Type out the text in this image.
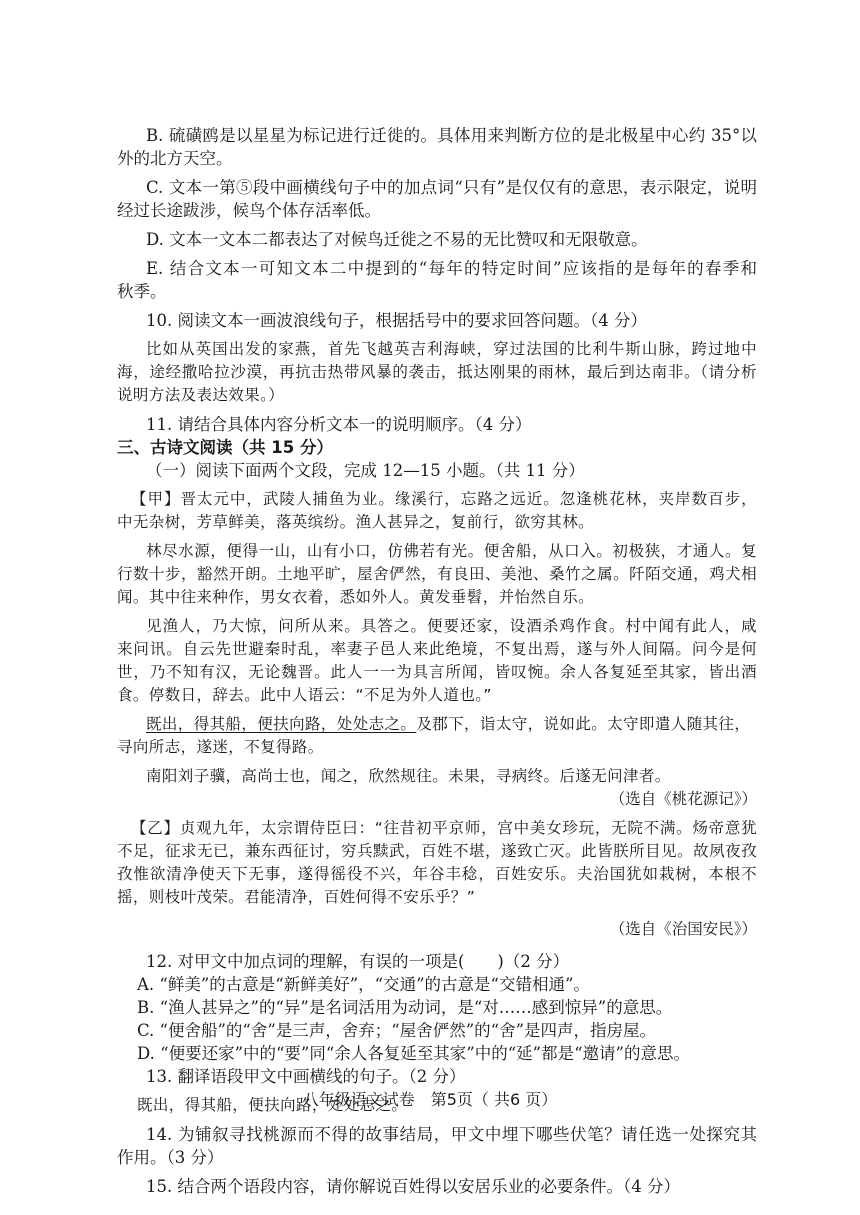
B. 硫磺鸥是以星星为标记进行迁徙的。具体用来判断方位的是北极星中心约 35°以

外的北方天空。

C. 文本一第⑤段中画横线句子中的加点词“只有”是仅仅有的意思，表示限定，说明

经过长途跋涉，候鸟个体存活率低。

D. 文本一文本二都表达了对候鸟迁徙之不易的无比赞叹和无限敬意。

E. 结合文本一可知文本二中提到的“每年的特定时间”应该指的是每年的春季和

秋季。

10. 阅读文本一画波浪线句子，根据括号中的要求回答问题。（4 分）

比如从英国出发的家燕，首先飞越英吉利海峡，穿过法国的比利牛斯山脉，跨过地中

海，途经撒哈拉沙漠，再抗击热带风暴的袭击，抵达刚果的雨林，最后到达南非。（请分析

说明方法及表达效果。）

11. 请结合具体内容分析文本一的说明顺序。（4 分）

三、古诗文阅读（共 15 分）

（一）阅读下面两个文段，完成 12—15 小题。（共 11 分）

【甲】晋太元中，武陵人捕鱼为业。缘溪行，忘路之远近。忽逢桃花林，夹岸数百步，

中无杂树，芳草鲜美，落英缤纷。渔人甚异之，复前行，欲穷其林。

林尽水源，便得一山，山有小口，仿佛若有光。便舍船，从口入。初极狭，才通人。复

行数十步，豁然开朗。土地平旷，屋舍俨然，有良田、美池、桑竹之属。阡陌交通，鸡犬相

闻。其中往来种作，男女衣着，悉如外人。黄发垂髫，并怡然自乐。

见渔人，乃大惊，问所从来。具答之。便要还家，设酒杀鸡作食。村中闻有此人，咸

来问讯。自云先世避秦时乱，率妻子邑人来此绝境，不复出焉，遂与外人间隔。问今是何

世，乃不知有汉，无论魏晋。此人一一为具言所闻，皆叹惋。余人各复延至其家，皆出酒

食。停数日，辞去。此中人语云：“不足为外人道也。”

既出，得其船，便扶向路，处处志之。及郡下，诣太守，说如此。太守即遣人随其往，

寻向所志，遂迷，不复得路。

南阳刘子骥，高尚士也，闻之，欣然规往。未果，寻病终。后遂无问津者。

（选自《桃花源记》）

【乙】贞观九年，太宗谓侍臣曰：“往昔初平京师，宫中美女珍玩，无院不满。炀帝意犹

不足，征求无已，兼东西征讨，穷兵黩武，百姓不堪，遂致亡灭。此皆朕所目见。故夙夜孜

孜惟欲清净使天下无事，遂得徭役不兴，年谷丰稔，百姓安乐。夫治国犹如栽树，本根不

摇，则枝叶茂荣。君能清净，百姓何得不安乐乎？”

（选自《治国安民》）

12. 对甲文中加点词的理解，有误的一项是(　　)（2 分）

A. “鲜美”的古意是“新鲜美好”，“交通”的古意是“交错相通”。

B. “渔人甚异之”的“异”是名词活用为动词，是“对……感到惊异”的意思。

C. “便舍船”的“舍”是三声，舍弃；“屋舍俨然”的“舍”是四声，指房屋。

D. “便要还家”中的“要”同“余人各复延至其家”中的“延”都是“邀请”的意思。

13. 翻译语段甲文中画横线的句子。（2 分）

既出，得其船，便扶向路，处处志之。

14. 为铺叙寻找桃源而不得的故事结局，甲文中埋下哪些伏笔？请任选一处探究其

作用。（3 分）

15. 结合两个语段内容，请你解说百姓得以安居乐业的必要条件。（4 分）

八年级语文试卷　第5页（ 共6 页）
